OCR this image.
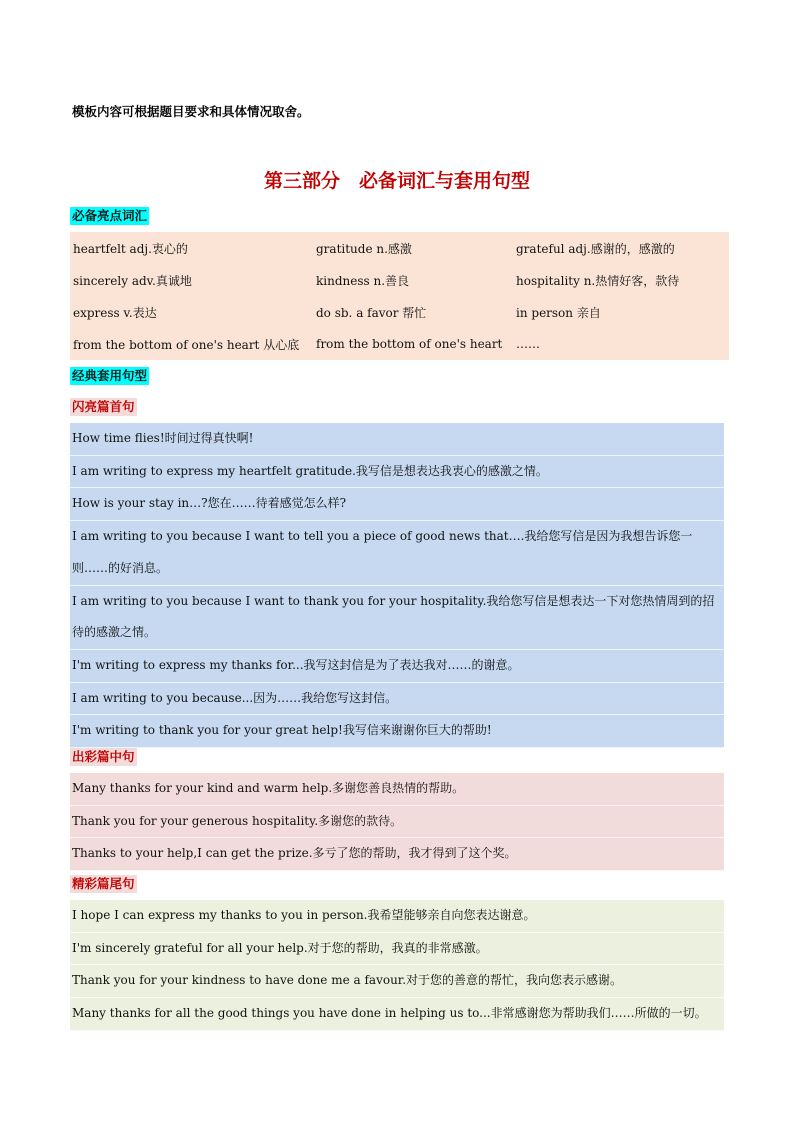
模板内容可根据题目要求和具体情况取舍。
第三部分　必备词汇与套用句型
必备亮点词汇
heartfelt adj.衷心的	gratitude n.感激	grateful adj.感谢的，感激的
sincerely adv.真诚地	kindness n.善良	hospitality n.热情好客，款待
express v.表达	do sb. a favor 帮忙	in person 亲自
from the bottom of one's heart 从心底	from the bottom of one's heart	……
经典套用句型
闪亮篇首句
How time flies!时间过得真快啊!
I am writing to express my heartfelt gratitude.我写信是想表达我衷心的感激之情。
How is your stay in…?您在……待着感觉怎么样?
I am writing to you because I want to tell you a piece of good news that….我给您写信是因为我想告诉您一则……的好消息。
I am writing to you because I want to thank you for your hospitality.我给您写信是想表达一下对您热情周到的招待的感激之情。
I'm writing to express my thanks for...我写这封信是为了表达我对……的谢意。
I am writing to you because...因为……我给您写这封信。
I'm writing to thank you for your great help!我写信来谢谢你巨大的帮助!
出彩篇中句
Many thanks for your kind and warm help.多谢您善良热情的帮助。
Thank you for your generous hospitality.多谢您的款待。
Thanks to your help,I can get the prize.多亏了您的帮助，我才得到了这个奖。
精彩篇尾句
I hope I can express my thanks to you in person.我希望能够亲自向您表达谢意。
I'm sincerely grateful for all your help.对于您的帮助，我真的非常感激。
Thank you for your kindness to have done me a favour.对于您的善意的帮忙，我向您表示感谢。
Many thanks for all the good things you have done in helping us to...非常感谢您为帮助我们……所做的一切。
